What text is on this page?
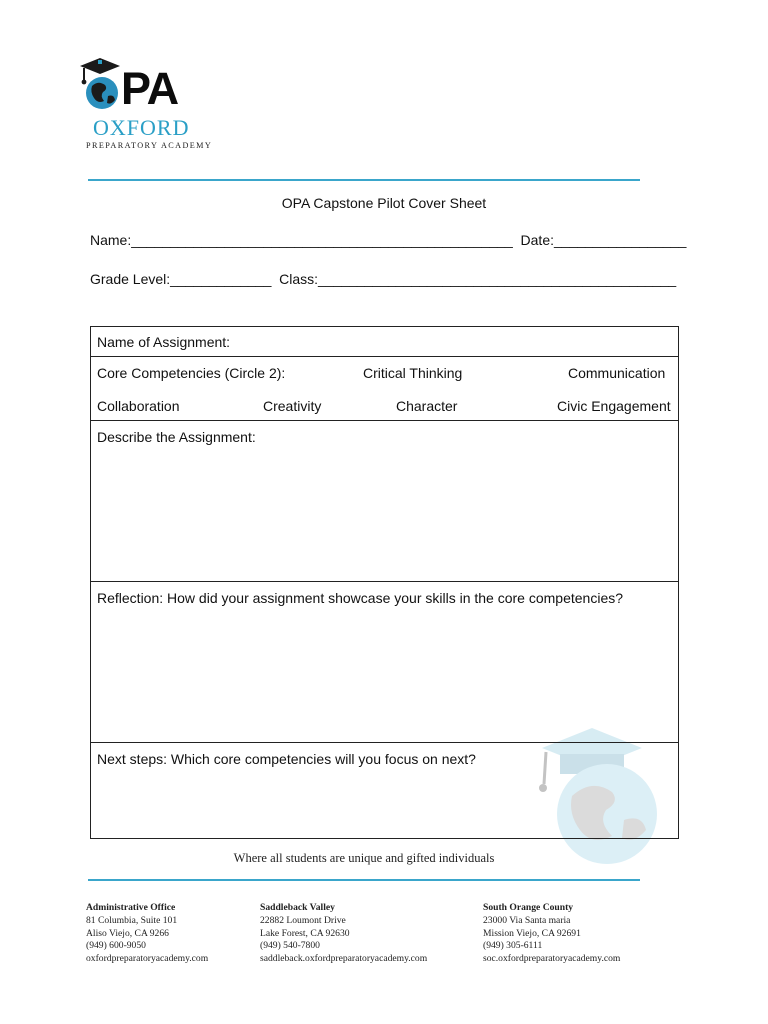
PA
OXFORD
PREPARATORY ACADEMY
OPA Capstone Pilot Cover Sheet
Name:_________________________________________________  Date:_________________
Grade Level:_____________  Class:______________________________________________
Name of Assignment:
Core Competencies (Circle 2):	Critical Thinking	Communication
Collaboration	Creativity	Character	Civic Engagement
Describe the Assignment:
Reflection: How did your assignment showcase your skills in the core competencies?
Next steps: Which core competencies will you focus on next?
Where all students are unique and gifted individuals
Administrative Office
81 Columbia, Suite 101
Aliso Viejo, CA 9266
(949) 600-9050
oxfordpreparatoryacademy.com
Saddleback Valley
22882 Loumont Drive
Lake Forest, CA 92630
(949) 540-7800
saddleback.oxfordpreparatoryacademy.com
South Orange County
23000 Via Santa maria
Mission Viejo, CA 92691
(949) 305-6111
soc.oxfordpreparatoryacademy.com
